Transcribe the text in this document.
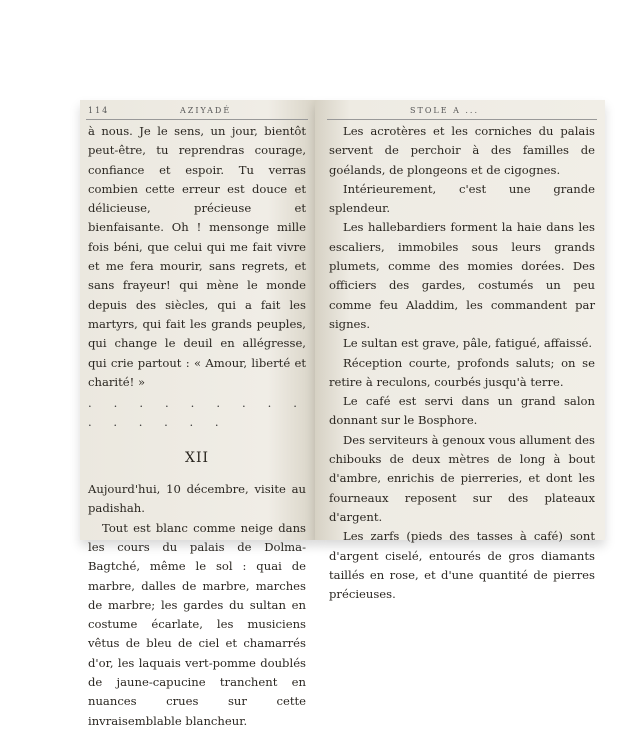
114	AZIYADÉ

à nous. Je le sens, un jour, bientôt peut-être, tu reprendras courage, confiance et espoir. Tu verras combien cette erreur est douce et délicieuse, précieuse et bienfaisante. Oh ! mensonge mille fois béni, que celui qui me fait vivre et me fera mourir, sans regrets, et sans frayeur! qui mène le monde depuis des siècles, qui a fait les martyrs, qui fait les grands peuples, qui change le deuil en allégresse, qui crie partout : « Amour, liberté et charité! »

. . . . . . . . . . . . . . .

XII

Aujourd'hui, 10 décembre, visite au padishah.

Tout est blanc comme neige dans les cours du palais de Dolma-Bagtché, même le sol : quai de marbre, dalles de marbre, marches de marbre; les gardes du sultan en costume écarlate, les musiciens vêtus de bleu de ciel et chamarrés d'or, les laquais vert-pomme doublés de jaune-capucine tranchent en nuances crues sur cette invraisemblable blancheur.

STOLE A ...

Les acrotères et les corniches du palais servent de perchoir à des familles de goélands, de plongeons et de cigognes.

Intérieurement, c'est une grande splendeur.

Les hallebardiers forment la haie dans les escaliers, immobiles sous leurs grands plumets, comme des momies dorées. Des officiers des gardes, costumés un peu comme feu Aladdim, les commandent par signes.

Le sultan est grave, pâle, fatigué, affaissé.

Réception courte, profonds saluts; on se retire à reculons, courbés jusqu'à terre.

Le café est servi dans un grand salon donnant sur le Bosphore.

Des serviteurs à genoux vous allument des chibouks de deux mètres de long à bout d'ambre, enrichis de pierreries, et dont les fourneaux reposent sur des plateaux d'argent.

Les zarfs (pieds des tasses à café) sont d'argent ciselé, entourés de gros diamants taillés en rose, et d'une quantité de pierres précieuses.
